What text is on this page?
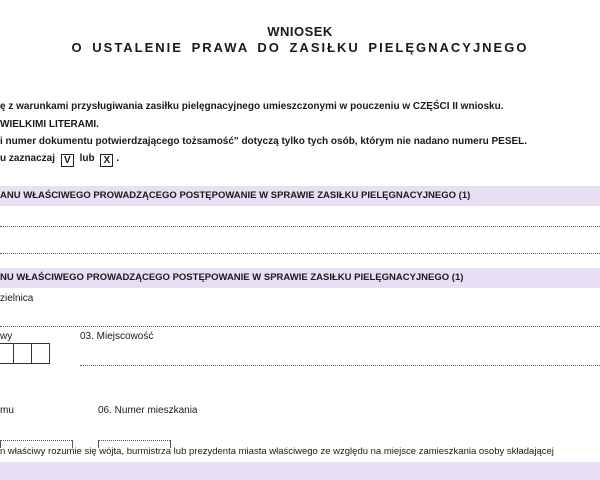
WNIOSEK
O USTALENIE PRAWA DO ZASIŁKU PIELĘGNACYJNEGO
ę z warunkami przysługiwania zasiłku pielęgnacyjnego umieszczonymi w pouczeniu w CZĘŚCI II wniosku.
WIELKIMI LITERAMI.
i numer dokumentu potwierdzającego tożsamość" dotyczą tylko tych osób, którym nie nadano numeru PESEL.
u zaznaczaj V lub X .
ANU WŁAŚCIWEGO PROWADZĄCEGO POSTĘPOWANIE W SPRAWIE ZASIŁKU PIELĘGNACYJNEGO (1)
NU WŁAŚCIWEGO PROWADZĄCEGO POSTĘPOWANIE W SPRAWIE ZASIŁKU PIELĘGNACYJNEGO (1)
zielnica
wy	03. Miejscowość
mu	06. Numer mieszkania
n właściwy rozumie się wójta, burmistrza lub prezydenta miasta właściwego ze względu na miejsce zamieszkania osoby składającej
